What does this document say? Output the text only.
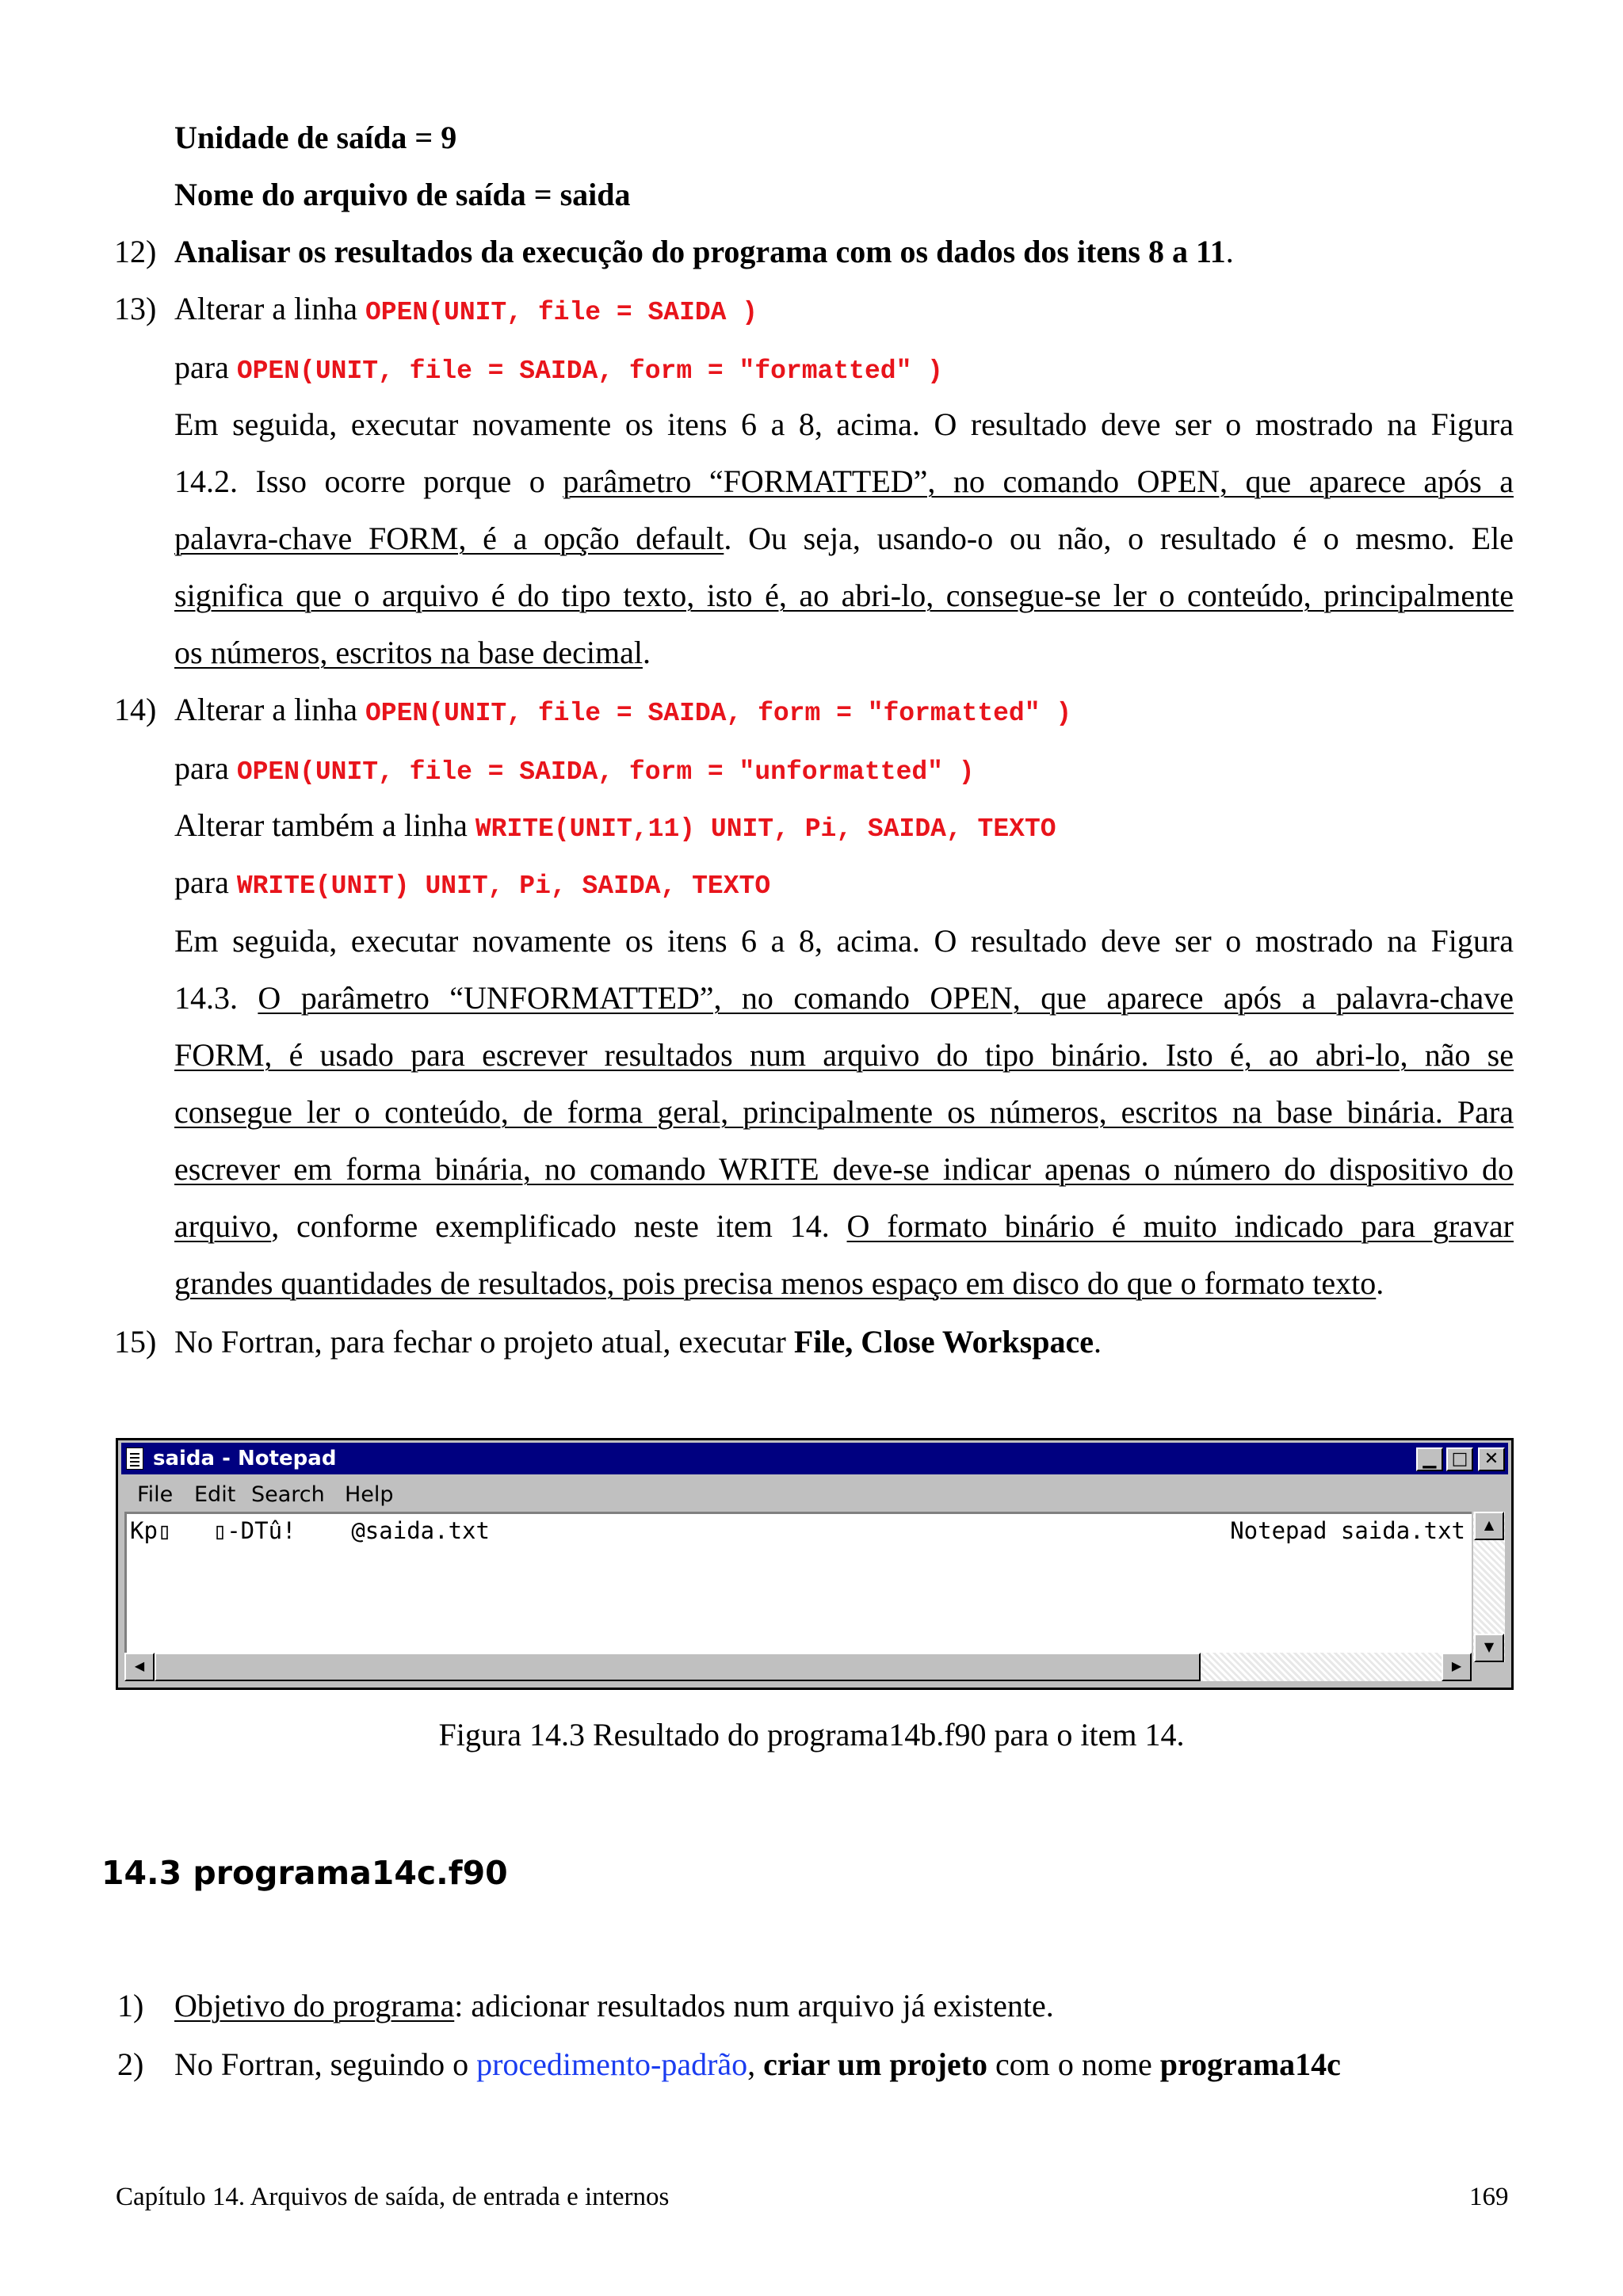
Unidade de saída = 9
Nome do arquivo de saída = saida
12) Analisar os resultados da execução do programa com os dados dos itens 8 a 11.
13) Alterar a linha OPEN(UNIT, file = SAIDA )
para OPEN(UNIT, file = SAIDA, form = "formatted" )
Em seguida, executar novamente os itens 6 a 8, acima. O resultado deve ser o mostrado na Figura
14.2. Isso ocorre porque o parâmetro “FORMATTED”, no comando OPEN, que aparece após a
palavra-chave FORM, é a opção default. Ou seja, usando-o ou não, o resultado é o mesmo. Ele
significa que o arquivo é do tipo texto, isto é, ao abri-lo, consegue-se ler o conteúdo, principalmente
os números, escritos na base decimal.
14) Alterar a linha OPEN(UNIT, file = SAIDA, form = "formatted" )
para OPEN(UNIT, file = SAIDA, form = "unformatted" )
Alterar também a linha WRITE(UNIT,11) UNIT, Pi, SAIDA, TEXTO
para WRITE(UNIT) UNIT, Pi, SAIDA, TEXTO
Em seguida, executar novamente os itens 6 a 8, acima. O resultado deve ser o mostrado na Figura
14.3. O parâmetro “UNFORMATTED”, no comando OPEN, que aparece após a palavra-chave
FORM, é usado para escrever resultados num arquivo do tipo binário. Isto é, ao abri-lo, não se
consegue ler o conteúdo, de forma geral, principalmente os números, escritos na base binária. Para
escrever em forma binária, no comando WRITE deve-se indicar apenas o número do dispositivo do
arquivo, conforme exemplificado neste item 14. O formato binário é muito indicado para gravar
grandes quantidades de resultados, pois precisa menos espaço em disco do que o formato texto.
15) No Fortran, para fechar o projeto atual, executar File, Close Workspace.
saida - Notepad	▁ □ ✕
File Edit Search Help
Kp▯   ▯-DTû!    @saida.txt	Notepad saida.txt	▲
▼
◀	▶
Figura 14.3 Resultado do programa14b.f90 para o item 14.
14.3 programa14c.f90
1) Objetivo do programa: adicionar resultados num arquivo já existente.
2) No Fortran, seguindo o procedimento-padrão, criar um projeto com o nome programa14c
Capítulo 14. Arquivos de saída, de entrada e internos	169
